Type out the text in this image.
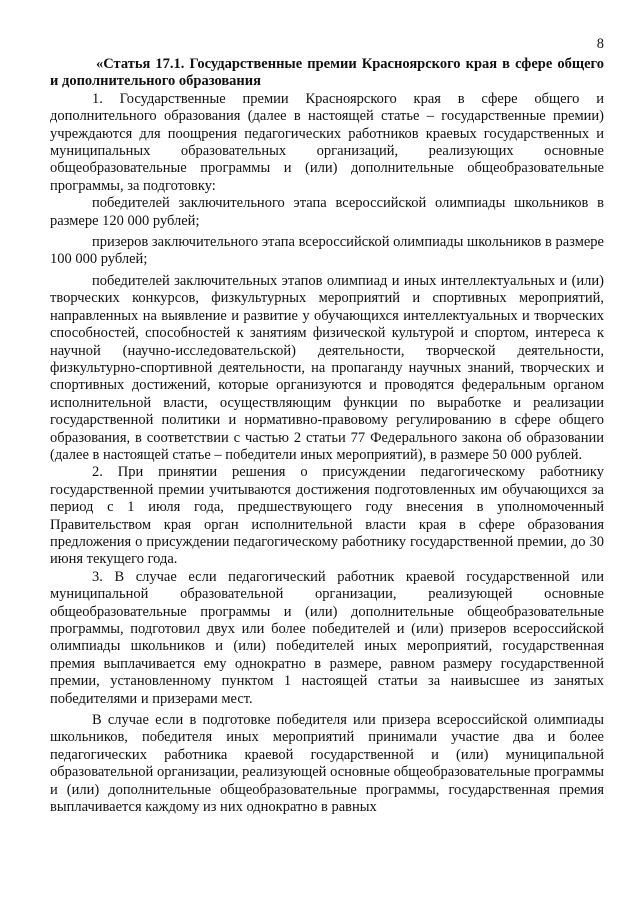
8

«Статья 17.1. Государственные премии Красноярского края в сфере общего и дополнительного образования

1. Государственные премии Красноярского края в сфере общего и дополнительного образования (далее в настоящей статье – государственные премии) учреждаются для поощрения педагогических работников краевых государственных и муниципальных образовательных организаций, реализующих основные общеобразовательные программы и (или) дополнительные общеобразовательные программы, за подготовку:

победителей заключительного этапа всероссийской олимпиады школьников в размере 120 000 рублей;

призеров заключительного этапа всероссийской олимпиады школьников в размере 100 000 рублей;

победителей заключительных этапов олимпиад и иных интеллектуальных и (или) творческих конкурсов, физкультурных мероприятий и спортивных мероприятий, направленных на выявление и развитие у обучающихся интеллектуальных и творческих способностей, способностей к занятиям физической культурой и спортом, интереса к научной (научно-исследовательской) деятельности, творческой деятельности, физкультурно-спортивной деятельности, на пропаганду научных знаний, творческих и спортивных достижений, которые организуются и проводятся федеральным органом исполнительной власти, осуществляющим функции по выработке и реализации государственной политики и нормативно-правовому регулированию в сфере общего образования, в соответствии с частью 2 статьи 77 Федерального закона об образовании (далее в настоящей статье – победители иных мероприятий), в размере 50 000 рублей.

2. При принятии решения о присуждении педагогическому работнику государственной премии учитываются достижения подготовленных им обучающихся за период с 1 июля года, предшествующего году внесения в уполномоченный Правительством края орган исполнительной власти края в сфере образования предложения о присуждении педагогическому работнику государственной премии, до 30 июня текущего года.

3. В случае если педагогический работник краевой государственной или муниципальной образовательной организации, реализующей основные общеобразовательные программы и (или) дополнительные общеобразовательные программы, подготовил двух или более победителей и (или) призеров всероссийской олимпиады школьников и (или) победителей иных мероприятий, государственная премия выплачивается ему однократно в размере, равном размеру государственной премии, установленному пунктом 1 настоящей статьи за наивысшее из занятых победителями и призерами мест.

В случае если в подготовке победителя или призера всероссийской олимпиады школьников, победителя иных мероприятий принимали участие два и более педагогических работника краевой государственной и (или) муниципальной образовательной организации, реализующей основные общеобразовательные программы и (или) дополнительные общеобразовательные программы, государственная премия выплачивается каждому из них однократно в равных
